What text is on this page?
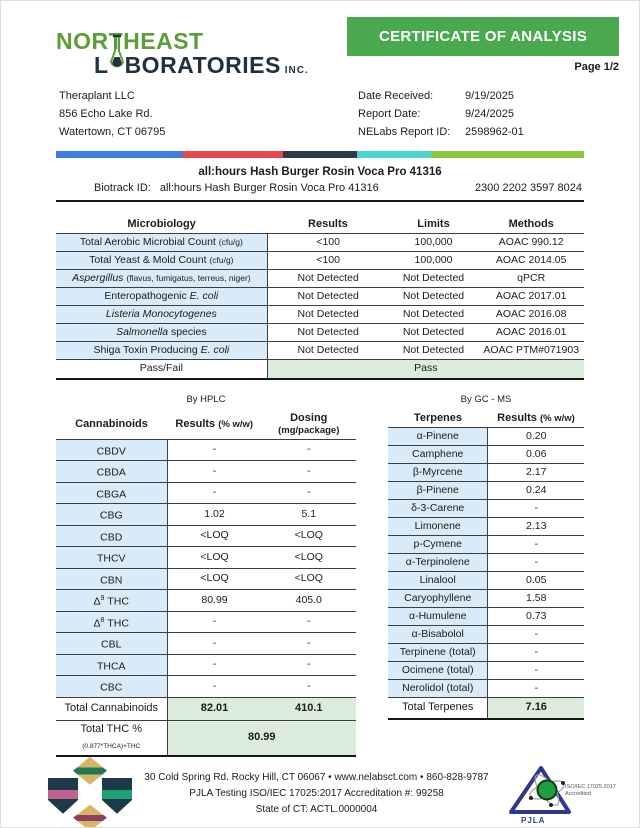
NORTHEAST
L BORATORIES INC.
CERTIFICATE OF ANALYSIS
Page 1/2
Theraplant LLC
856 Echo Lake Rd.
Watertown, CT 06795
Date Received:	9/19/2025
Report Date:	9/24/2025
NELabs Report ID:	2598962-01
all:hours Hash Burger Rosin Voca Pro 41316
Biotrack ID: all:hours Hash Burger Rosin Voca Pro 41316	2300 2202 3597 8024
Microbiology	Results	Limits	Methods
Total Aerobic Microbial Count (cfu/g)	<100	100,000	AOAC 990.12
Total Yeast & Mold Count (cfu/g)	<100	100,000	AOAC 2014.05
Aspergillus (flavus, fumigatus, terreus, niger)	Not Detected	Not Detected	qPCR
Enteropathogenic E. coli	Not Detected	Not Detected	AOAC 2017.01
Listeria Monocytogenes	Not Detected	Not Detected	AOAC 2016.08
Salmonella species	Not Detected	Not Detected	AOAC 2016.01
Shiga Toxin Producing E. coli	Not Detected	Not Detected	AOAC PTM#071903
Pass/Fail	Pass		
By HPLC
Cannabinoids	Results (% w/w)	Dosing (mg/package)
CBDV	-	-
CBDA	-	-
CBGA	-	-
CBG	1.02	5.1
CBD	<LOQ	<LOQ
THCV	<LOQ	<LOQ
CBN	<LOQ	<LOQ
$\Delta^9$ THC	80.99	405.0
$\Delta^8$ THC	-	-
CBL	-	-
THCA	-	-
CBC	-	-
Total Cannabinoids	82.01	410.1
Total THC % $_{(0.877*THCA)+THC}$	80.99	
By GC - MS
Terpenes	Results (% w/w)
α-Pinene	0.20
Camphene	0.06
β-Myrcene	2.17
β-Pinene	0.24
δ-3-Carene	-
Limonene	2.13
p-Cymene	-
α-Terpinolene	-
Linalool	0.05
Caryophyllene	1.58
α-Humulene	0.73
α-Bisabolol	-
Terpinene (total)	-
Ocimene (total)	-
Nerolidol (total)	-
Total Terpenes	7.16
30 Cold Spring Rd. Rocky Hill, CT 06067 • www.nelabsct.com • 860-828-9787
PJLA Testing ISO/IEC 17025:2017 Accreditation #: 99258
State of CT: ACTL.0000004
ISO/IEC 17025:2017
Accredited
PJLA
